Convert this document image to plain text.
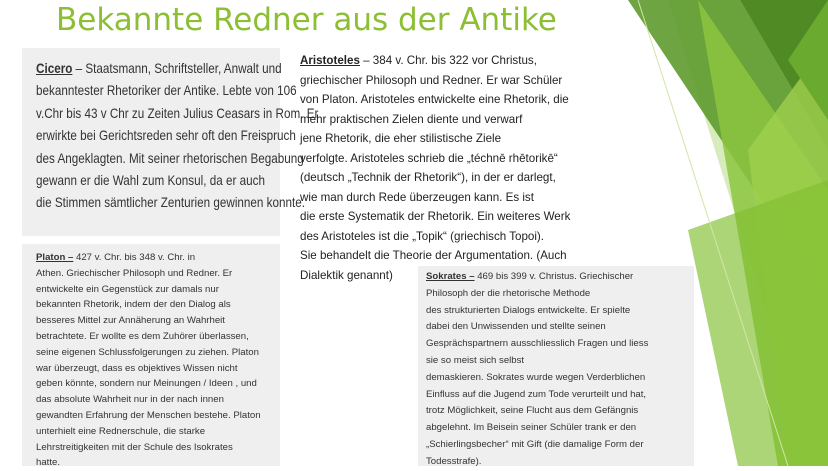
Bekannte Redner aus der Antike
Cicero – Staatsmann, Schriftsteller, Anwalt und
bekanntester Rhetoriker der Antike. Lebte von 106
v.Chr bis 43 v Chr zu Zeiten Julius Ceasars in Rom. Er
erwirkte bei Gerichtsreden sehr oft den Freispruch
des Angeklagten. Mit seiner rhetorischen Begabung
gewann er die Wahl zum Konsul, da er auch
die Stimmen sämtlicher Zenturien gewinnen konnte.
Platon – 427 v. Chr. bis 348 v. Chr. in
Athen. Griechischer Philosoph und Redner. Er
entwickelte ein Gegenstück zur damals nur
bekannten Rhetorik, indem der den Dialog als
besseres Mittel zur Annäherung an Wahrheit
betrachtete. Er wollte es dem Zuhörer überlassen,
seine eigenen Schlussfolgerungen zu ziehen. Platon
war überzeugt, dass es objektives Wissen nicht
geben könnte, sondern nur Meinungen / Ideen , und
das absolute Wahrheit nur in der nach innen
gewandten Erfahrung der Menschen bestehe. Platon
unterhielt eine Rednerschule, die starke
Lehrstreitigkeiten mit der Schule des Isokrates
hatte.
Aristoteles – 384 v. Chr. bis 322 vor Christus,
griechischer Philosoph und Redner. Er war Schüler
von Platon. Aristoteles entwickelte eine Rhetorik, die
mehr praktischen Zielen diente und verwarf
jene Rhetorik, die eher stilistische Ziele
verfolgte. Aristoteles schrieb die „téchnē rhētorikē“
(deutsch „Technik der Rhetorik“), in der er darlegt,
wie man durch Rede überzeugen kann. Es ist
die erste Systematik der Rhetorik. Ein weiteres Werk
des Aristoteles ist die „Topik“ (griechisch Topoi).
Sie behandelt die Theorie der Argumentation. (Auch
Dialektik genannt)	Sokrates – 469 bis 399 v. Christus. Griechischer
Philosoph der die rhetorische Methode
des strukturierten Dialogs entwickelte. Er spielte
dabei den Unwissenden und stellte seinen
Gesprächspartnern ausschliesslich Fragen und liess
sie so meist sich selbst
demaskieren. Sokrates wurde wegen Verderblichen
Einfluss auf die Jugend zum Tode verurteilt und hat,
trotz Möglichkeit, seine Flucht aus dem Gefängnis
abgelehnt. Im Beisein seiner Schüler trank er den
„Schierlingsbecher“ mit Gift (die damalige Form der
Todesstrafe).
